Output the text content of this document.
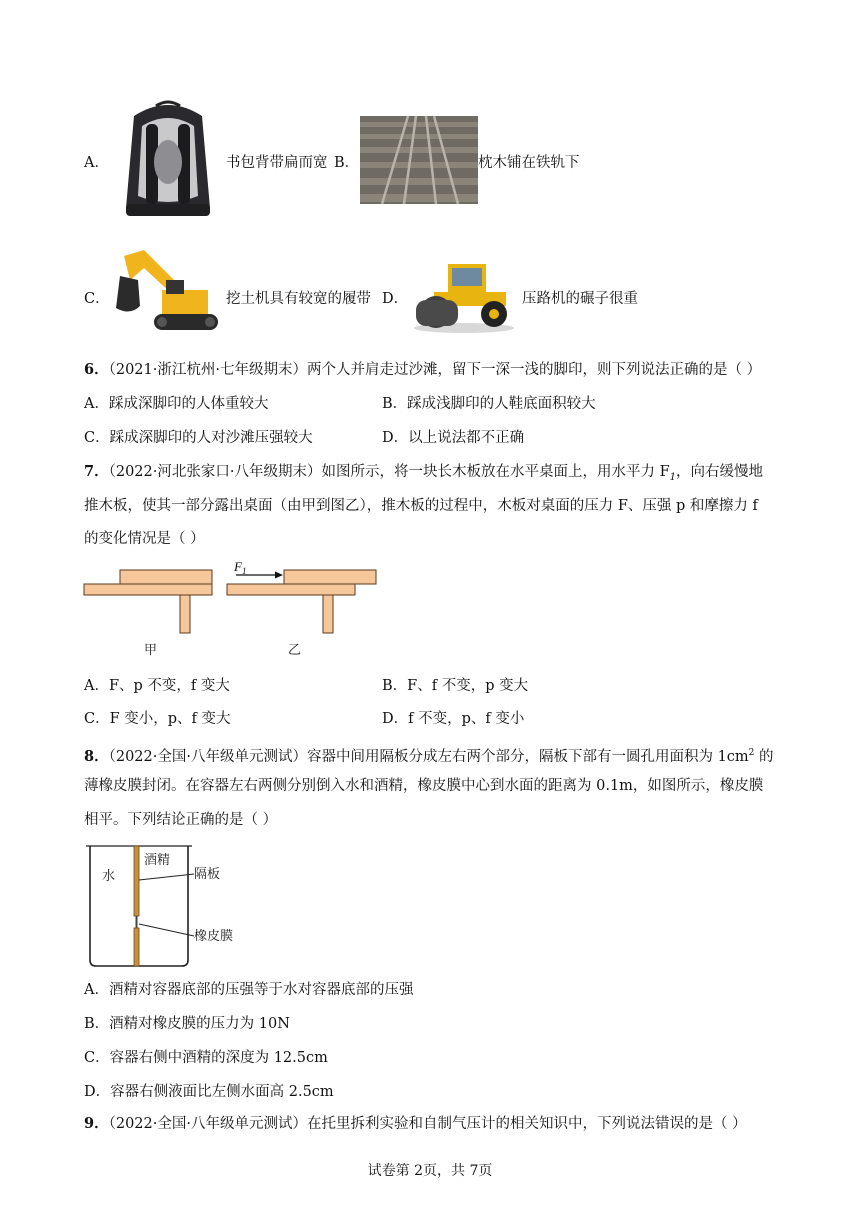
A．	书包背带扁而宽 B．	枕木铺在铁轨下
C．	挖土机具有较宽的履带 D．	压路机的碾子很重
6．（2021·浙江杭州·七年级期末）两个人并肩走过沙滩，留下一深一浅的脚印，则下列说法正确的是（ ）
A．踩成深脚印的人体重较大	B．踩成浅脚印的人鞋底面积较大
C．踩成深脚印的人对沙滩压强较大	D．以上说法都不正确
7．（2022·河北张家口·八年级期末）如图所示，将一块长木板放在水平桌面上，用水平力 $F_1$，向右缓慢地
推木板，使其一部分露出桌面（由甲到图乙），推木板的过程中，木板对桌面的压力 F、压强 p 和摩擦力 f
的变化情况是（ ）
$F_1$
甲	乙
A．F、p 不变，f 变大	B．F、f 不变，p 变大
C．F 变小，p、f 变大	D．f 不变，p、f 变小
8．（2022·全国·八年级单元测试）容器中间用隔板分成左右两个部分，隔板下部有一圆孔用面积为 $1cm^2$ 的
薄橡皮膜封闭。在容器左右两侧分别倒入水和酒精，橡皮膜中心到水面的距离为 0.1m，如图所示，橡皮膜
相平。下列结论正确的是（ ）
水
酒精
隔板
橡皮膜
A．酒精对容器底部的压强等于水对容器底部的压强
B．酒精对橡皮膜的压力为 10N
C．容器右侧中酒精的深度为 12.5cm
D．容器右侧液面比左侧水面高 2.5cm
9．（2022·全国·八年级单元测试）在托里拆利实验和自制气压计的相关知识中，下列说法错误的是（ ）
试卷第 2页，共 7页
